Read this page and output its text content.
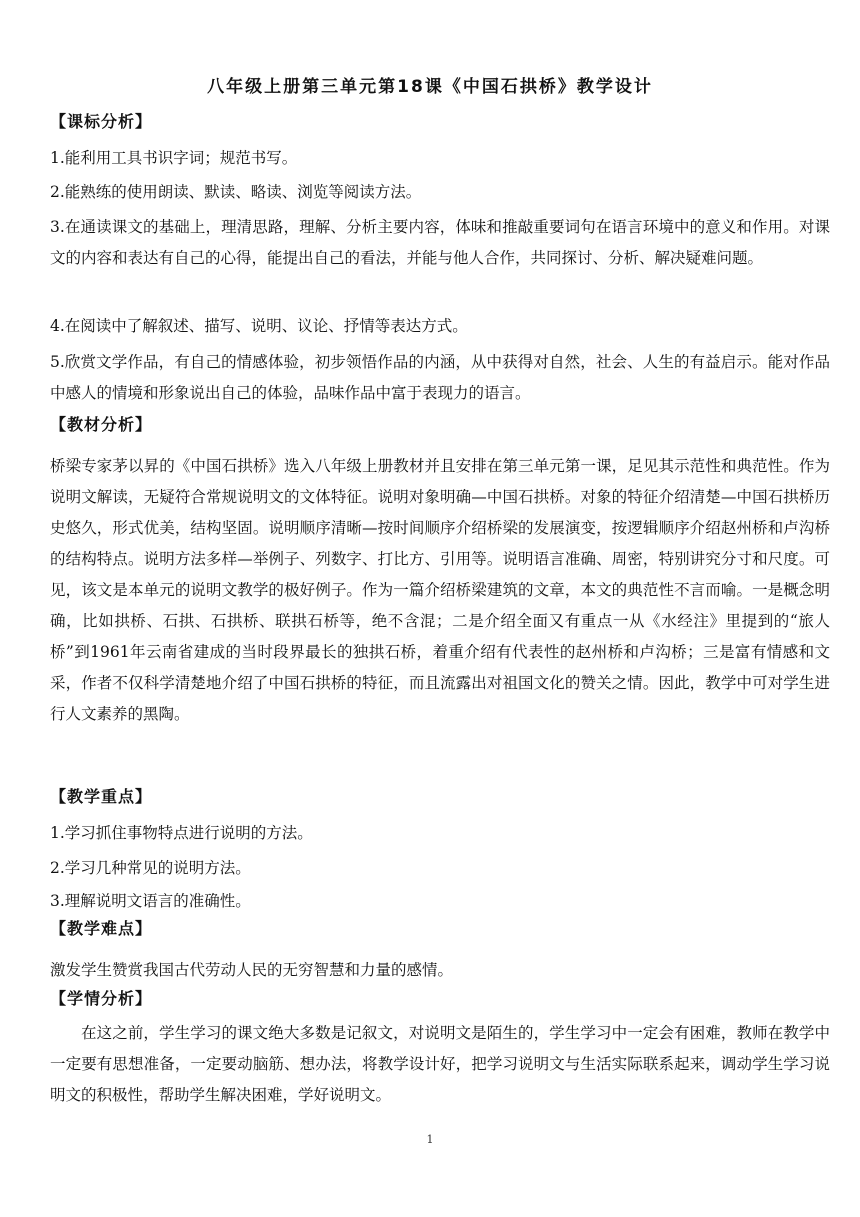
八年级上册第三单元第18课《中国石拱桥》教学设计
【课标分析】
1.能利用工具书识字词；规范书写。
2.能熟练的使用朗读、默读、略读、浏览等阅读方法。
3.在通读课文的基础上，理清思路，理解、分析主要内容，体味和推敲重要词句在语言环境中的意义和作用。对课文的内容和表达有自己的心得，能提出自己的看法，并能与他人合作，共同探讨、分析、解决疑难问题。
4.在阅读中了解叙述、描写、说明、议论、抒情等表达方式。
5.欣赏文学作品，有自己的情感体验，初步领悟作品的内涵，从中获得对自然，社会、人生的有益启示。能对作品中感人的情境和形象说出自己的体验，品味作品中富于表现力的语言。
【教材分析】
桥梁专家茅以昇的《中国石拱桥》选入八年级上册教材并且安排在第三单元第一课，足见其示范性和典范性。作为说明文解读，无疑符合常规说明文的文体特征。说明对象明确—中国石拱桥。对象的特征介绍清楚—中国石拱桥历史悠久，形式优美，结构坚固。说明顺序清晰—按时间顺序介绍桥梁的发展演变，按逻辑顺序介绍赵州桥和卢沟桥的结构特点。说明方法多样—举例子、列数字、打比方、引用等。说明语言准确、周密，特别讲究分寸和尺度。可见，该文是本单元的说明文教学的极好例子。作为一篇介绍桥梁建筑的文章，本文的典范性不言而喻。一是概念明确，比如拱桥、石拱、石拱桥、联拱石桥等，绝不含混；二是介绍全面又有重点一从《水经注》里提到的“旅人桥”到1961年云南省建成的当时段界最长的独拱石桥，着重介绍有代表性的赵州桥和卢沟桥；三是富有情感和文采，作者不仅科学清楚地介绍了中国石拱桥的特征，而且流露出对祖国文化的赞关之情。因此，教学中可对学生进行人文素养的黑陶。
【教学重点】
1.学习抓住事物特点进行说明的方法。
2.学习几种常见的说明方法。
3.理解说明文语言的准确性。
【教学难点】
激发学生赞赏我国古代劳动人民的无穷智慧和力量的感情。
【学情分析】
在这之前，学生学习的课文绝大多数是记叙文，对说明文是陌生的，学生学习中一定会有困难，教师在教学中一定要有思想准备，一定要动脑筋、想办法，将教学设计好，把学习说明文与生活实际联系起来，调动学生学习说明文的积极性，帮助学生解决困难，学好说明文。
1
